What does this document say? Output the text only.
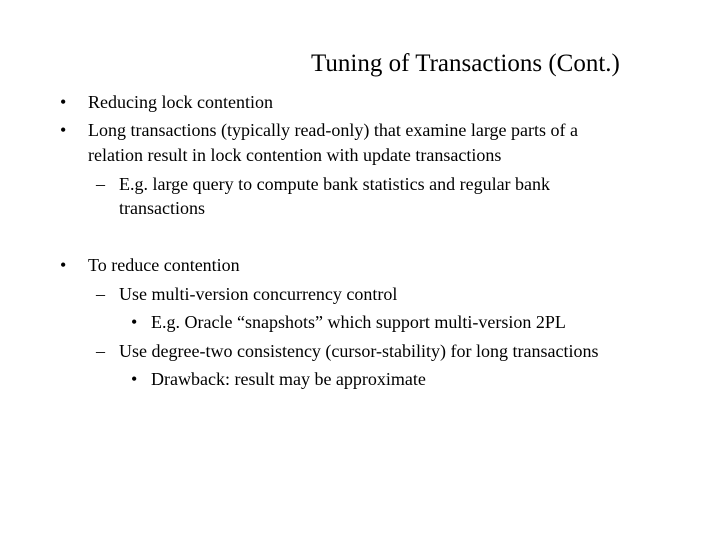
Tuning of Transactions (Cont.)
• Reducing lock contention
• Long transactions (typically read-only) that examine large parts of a
relation result in lock contention with update transactions
– E.g. large query to compute bank statistics and regular bank
transactions
• To reduce contention
– Use multi-version concurrency control
• E.g. Oracle “snapshots” which support multi-version 2PL
– Use degree-two consistency (cursor-stability) for long transactions
• Drawback: result may be approximate
